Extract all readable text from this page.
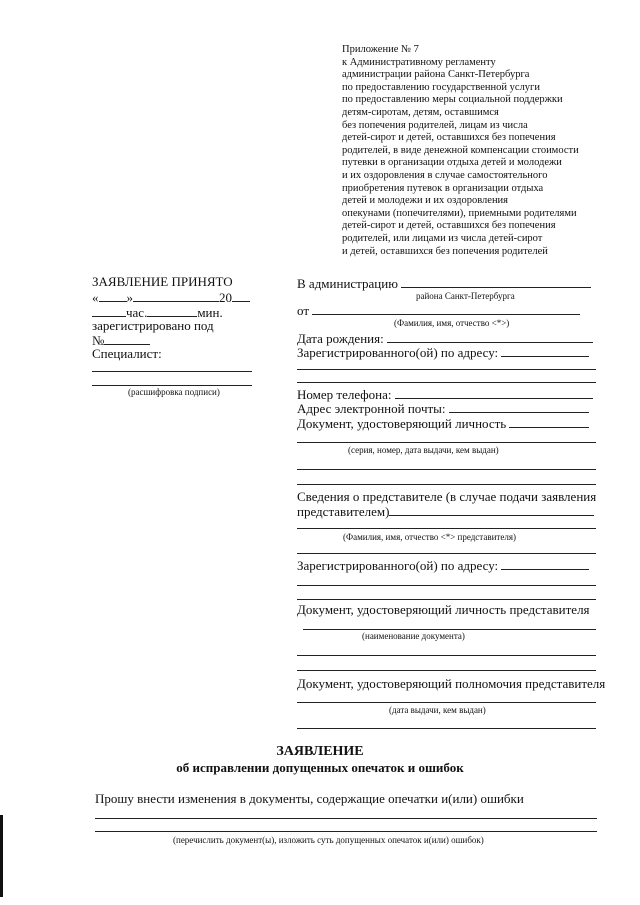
Приложение № 7
к Административному регламенту
администрации района Санкт-Петербурга
по предоставлению государственной услуги
по предоставлению меры социальной поддержки
детям-сиротам, детям, оставшимся
без попечения родителей, лицам из числа
детей-сирот и детей, оставшихся без попечения
родителей, в виде денежной компенсации стоимости
путевки в организации отдыха детей и молодежи
и их оздоровления в случае самостоятельного
приобретения путевок в организации отдыха
детей и молодежи и их оздоровления
опекунами (попечителями), приемными родителями
детей-сирот и детей, оставшихся без попечения
родителей, или лицами из числа детей-сирот
и детей, оставшихся без попечения родителей
ЗАЯВЛЕНИЕ ПРИНЯТО
« »	20
час.	мин.
зарегистрировано под
№
Специалист:
(расшифровка подписи)
В администрацию
района Санкт-Петербурга
от
(Фамилия, имя, отчество <*>)
Дата рождения:
Зарегистрированного(ой) по адресу:
Номер телефона:
Адрес электронной почты:
Документ, удостоверяющий личность
(серия, номер, дата выдачи, кем выдан)
Сведения о представителе (в случае подачи заявления
представителем)
(Фамилия, имя, отчество <*> представителя)
Зарегистрированного(ой) по адресу:
Документ, удостоверяющий личность представителя
(наименование документа)
Документ, удостоверяющий полномочия представителя
(дата выдачи, кем выдан)
ЗАЯВЛЕНИЕ
об исправлении допущенных опечаток и ошибок
Прошу внести изменения в документы, содержащие опечатки и(или) ошибки
(перечислить документ(ы), изложить суть допущенных опечаток и(или) ошибок)
